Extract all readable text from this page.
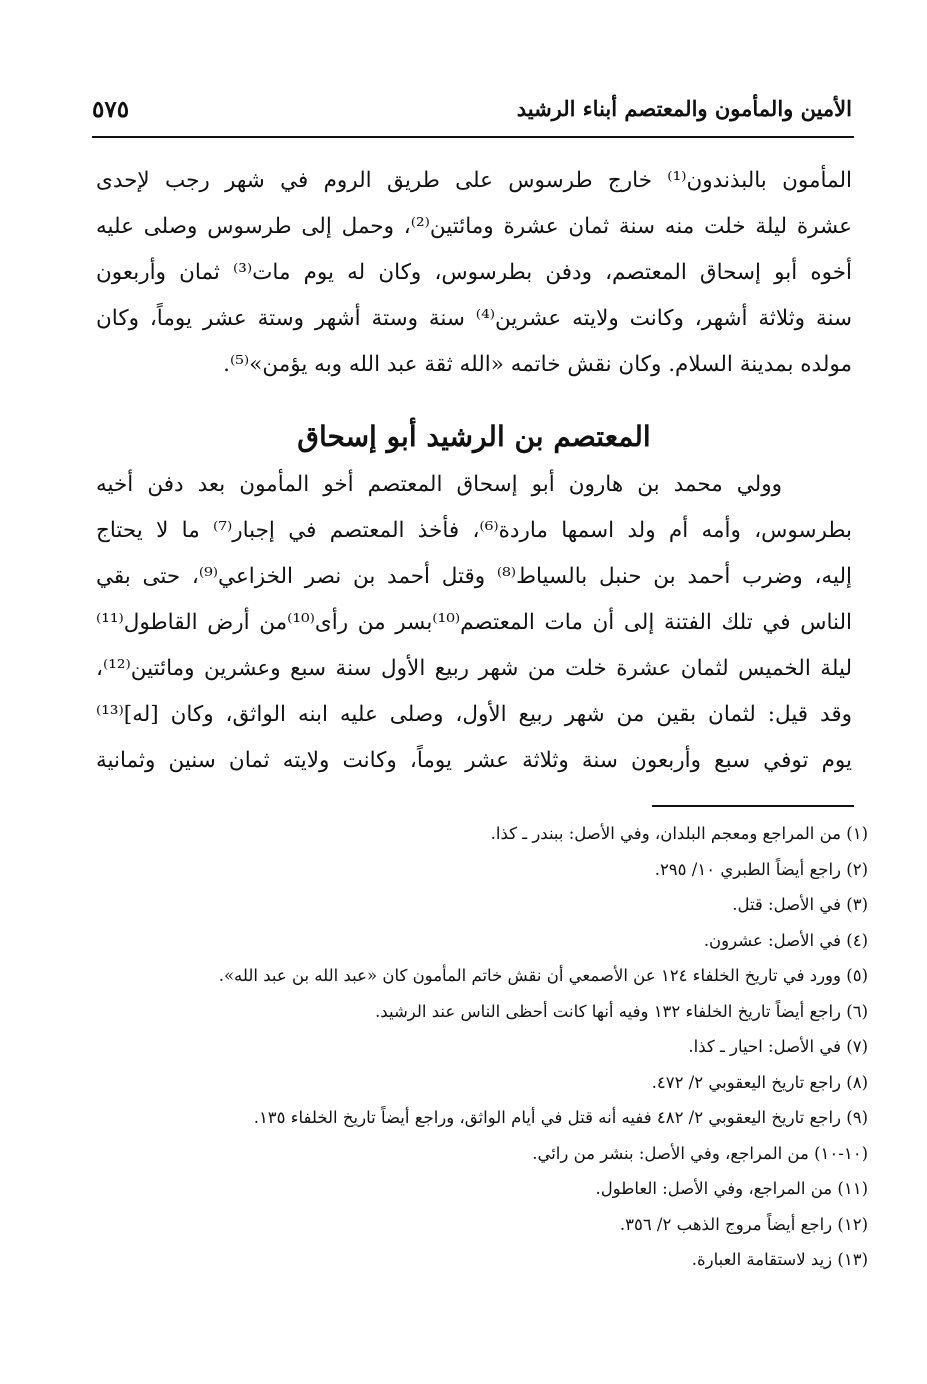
الأمين والمأمون والمعتصم أبناء الرشيد
٥٧٥
المأمون بالبذندون⁽¹⁾ خارج طرسوس على طريق الروم في شهر رجب لإحدى
عشرة ليلة خلت منه سنة ثمان عشرة ومائتين⁽²⁾، وحمل إلى طرسوس وصلى عليه
أخوه أبو إسحاق المعتصم، ودفن بطرسوس، وكان له يوم مات⁽³⁾ ثمان وأربعون
سنة وثلاثة أشهر، وكانت ولايته عشرين⁽⁴⁾ سنة وستة أشهر وستة عشر يوماً، وكان
مولده بمدينة السلام. وكان نقش خاتمه «الله ثقة عبد الله وبه يؤمن»⁽⁵⁾.
المعتصم بن الرشيد أبو إسحاق
وولي محمد بن هارون أبو إسحاق المعتصم أخو المأمون بعد دفن أخيه
بطرسوس، وأمه أم ولد اسمها ماردة⁽⁶⁾، فأخذ المعتصم في إجبار⁽⁷⁾ ما لا يحتاج
إليه، وضرب أحمد بن حنبل بالسياط⁽⁸⁾ وقتل أحمد بن نصر الخزاعي⁽⁹⁾، حتى بقي
الناس في تلك الفتنة إلى أن مات المعتصم⁽¹⁰⁾بسر من رأى⁽¹⁰⁾من أرض القاطول⁽¹¹⁾
ليلة الخميس لثمان عشرة خلت من شهر ربيع الأول سنة سبع وعشرين ومائتين⁽¹²⁾،
وقد قيل: لثمان بقين من شهر ربيع الأول، وصلى عليه ابنه الواثق، وكان [له]⁽¹³⁾
يوم توفي سبع وأربعون سنة وثلاثة عشر يوماً، وكانت ولايته ثمان سنين وثمانية
(١) من المراجع ومعجم البلدان، وفي الأصل: ببندر ـ كذا.
(٢) راجع أيضاً الطبري ١٠/ ٢٩٥.
(٣) في الأصل: قتل.
(٤) في الأصل: عشرون.
(٥) وورد في تاريخ الخلفاء ١٢٤ عن الأصمعي أن نقش خاتم المأمون كان «عبد الله بن عبد الله».
(٦) راجع أيضاً تاريخ الخلفاء ١٣٢ وفيه أنها كانت أحظى الناس عند الرشيد.
(٧) في الأصل: احيار ـ كذا.
(٨) راجع تاريخ اليعقوبي ٢/ ٤٧٢.
(٩) راجع تاريخ اليعقوبي ٢/ ٤٨٢ ففيه أنه قتل في أيام الواثق، وراجع أيضاً تاريخ الخلفاء ١٣٥.
(١٠-١٠) من المراجع، وفي الأصل: بنشر من رائي.
(١١) من المراجع، وفي الأصل: العاطول.
(١٢) راجع أيضاً مروج الذهب ٢/ ٣٥٦.
(١٣) زيد لاستقامة العبارة.
